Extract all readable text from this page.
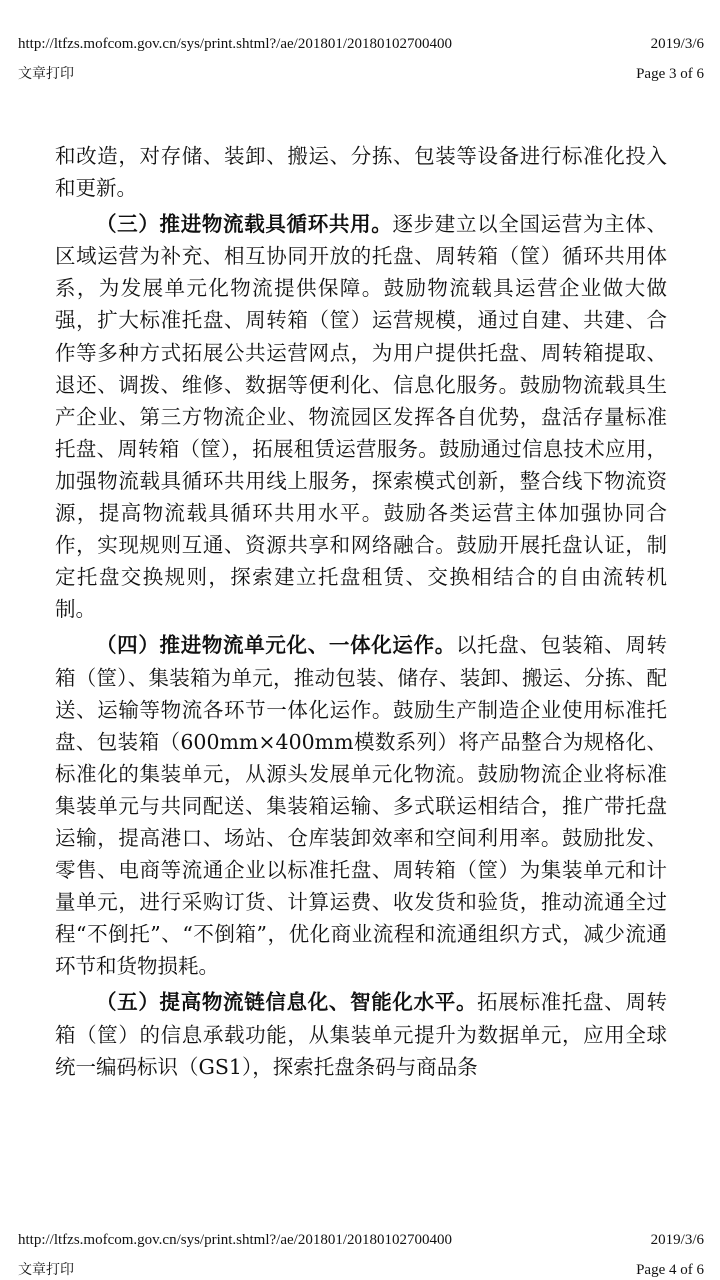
http://ltfzs.mofcom.gov.cn/sys/print.shtml?/ae/201801/20180102700400	2019/3/6
文章打印	Page 3 of 6

和改造，对存储、装卸、搬运、分拣、包装等设备进行标准化投入和更新。

（三）推进物流载具循环共用。逐步建立以全国运营为主体、区域运营为补充、相互协同开放的托盘、周转箱（筐）循环共用体系，为发展单元化物流提供保障。鼓励物流载具运营企业做大做强，扩大标准托盘、周转箱（筐）运营规模，通过自建、共建、合作等多种方式拓展公共运营网点，为用户提供托盘、周转箱提取、退还、调拨、维修、数据等便利化、信息化服务。鼓励物流载具生产企业、第三方物流企业、物流园区发挥各自优势，盘活存量标准托盘、周转箱（筐），拓展租赁运营服务。鼓励通过信息技术应用，加强物流载具循环共用线上服务，探索模式创新，整合线下物流资源，提高物流载具循环共用水平。鼓励各类运营主体加强协同合作，实现规则互通、资源共享和网络融合。鼓励开展托盘认证，制定托盘交换规则，探索建立托盘租赁、交换相结合的自由流转机制。

（四）推进物流单元化、一体化运作。以托盘、包装箱、周转箱（筐）、集装箱为单元，推动包装、储存、装卸、搬运、分拣、配送、运输等物流各环节一体化运作。鼓励生产制造企业使用标准托盘、包装箱（600mm×400mm模数系列）将产品整合为规格化、标准化的集装单元，从源头发展单元化物流。鼓励物流企业将标准集装单元与共同配送、集装箱运输、多式联运相结合，推广带托盘运输，提高港口、场站、仓库装卸效率和空间利用率。鼓励批发、零售、电商等流通企业以标准托盘、周转箱（筐）为集装单元和计量单元，进行采购订货、计算运费、收发货和验货，推动流通全过程“不倒托”、“不倒箱”，优化商业流程和流通组织方式，减少流通环节和货物损耗。

（五）提高物流链信息化、智能化水平。拓展标准托盘、周转箱（筐）的信息承载功能，从集装单元提升为数据单元，应用全球统一编码标识（GS1），探索托盘条码与商品条

http://ltfzs.mofcom.gov.cn/sys/print.shtml?/ae/201801/20180102700400	2019/3/6
文章打印	Page 4 of 6
